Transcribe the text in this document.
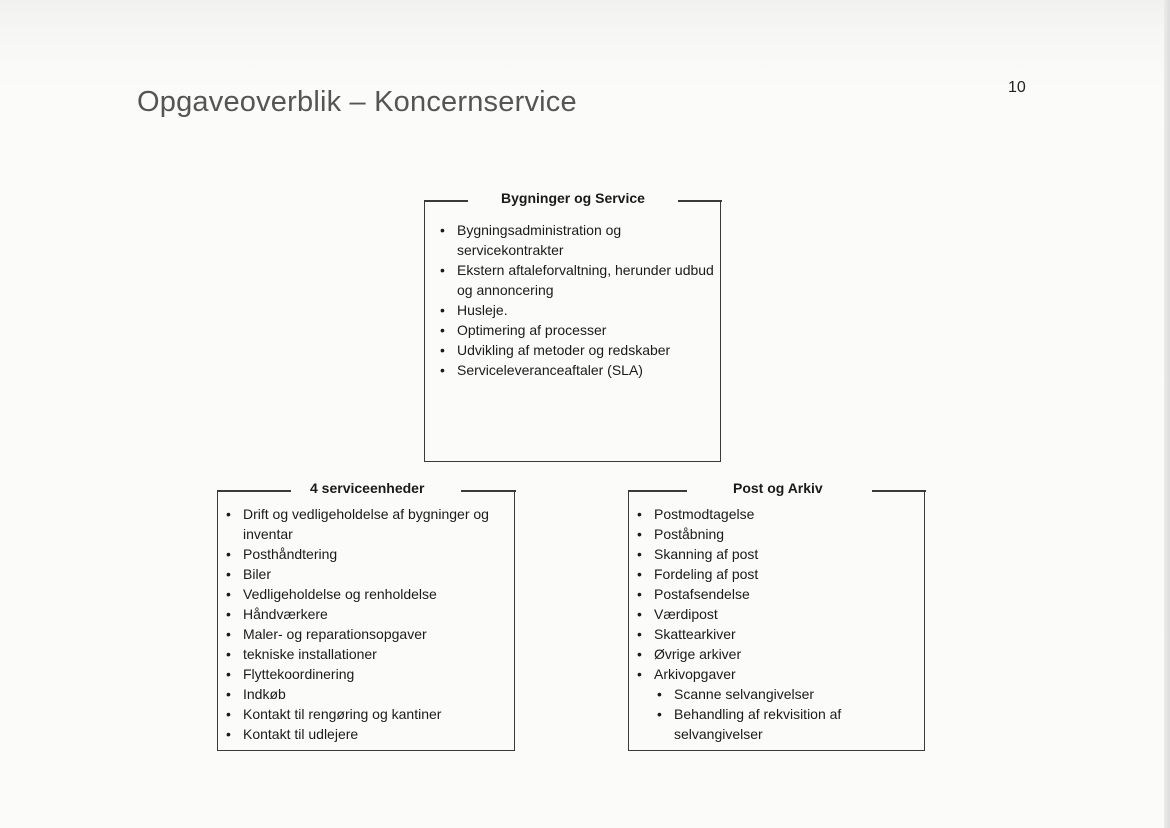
10
Opgaveoverblik – Koncernservice
Bygninger og Service
• Bygningsadministration og servicekontrakter
• Ekstern aftaleforvaltning, herunder udbud og annoncering
• Husleje.
• Optimering af processer
• Udvikling af metoder og redskaber
• Serviceleveranceaftaler (SLA)
4 serviceenheder
• Drift og vedligeholdelse af bygninger og inventar
• Posthåndtering
• Biler
• Vedligeholdelse og renholdelse
• Håndværkere
• Maler- og reparationsopgaver
• tekniske installationer
• Flyttekoordinering
• Indkøb
• Kontakt til rengøring og kantiner
• Kontakt til udlejere
Post og Arkiv
• Postmodtagelse
• Poståbning
• Skanning af post
• Fordeling af post
• Postafsendelse
• Værdipost
• Skattearkiver
• Øvrige arkiver
• Arkivopgaver
• Scanne selvangivelser
• Behandling af rekvisition af selvangivelser
